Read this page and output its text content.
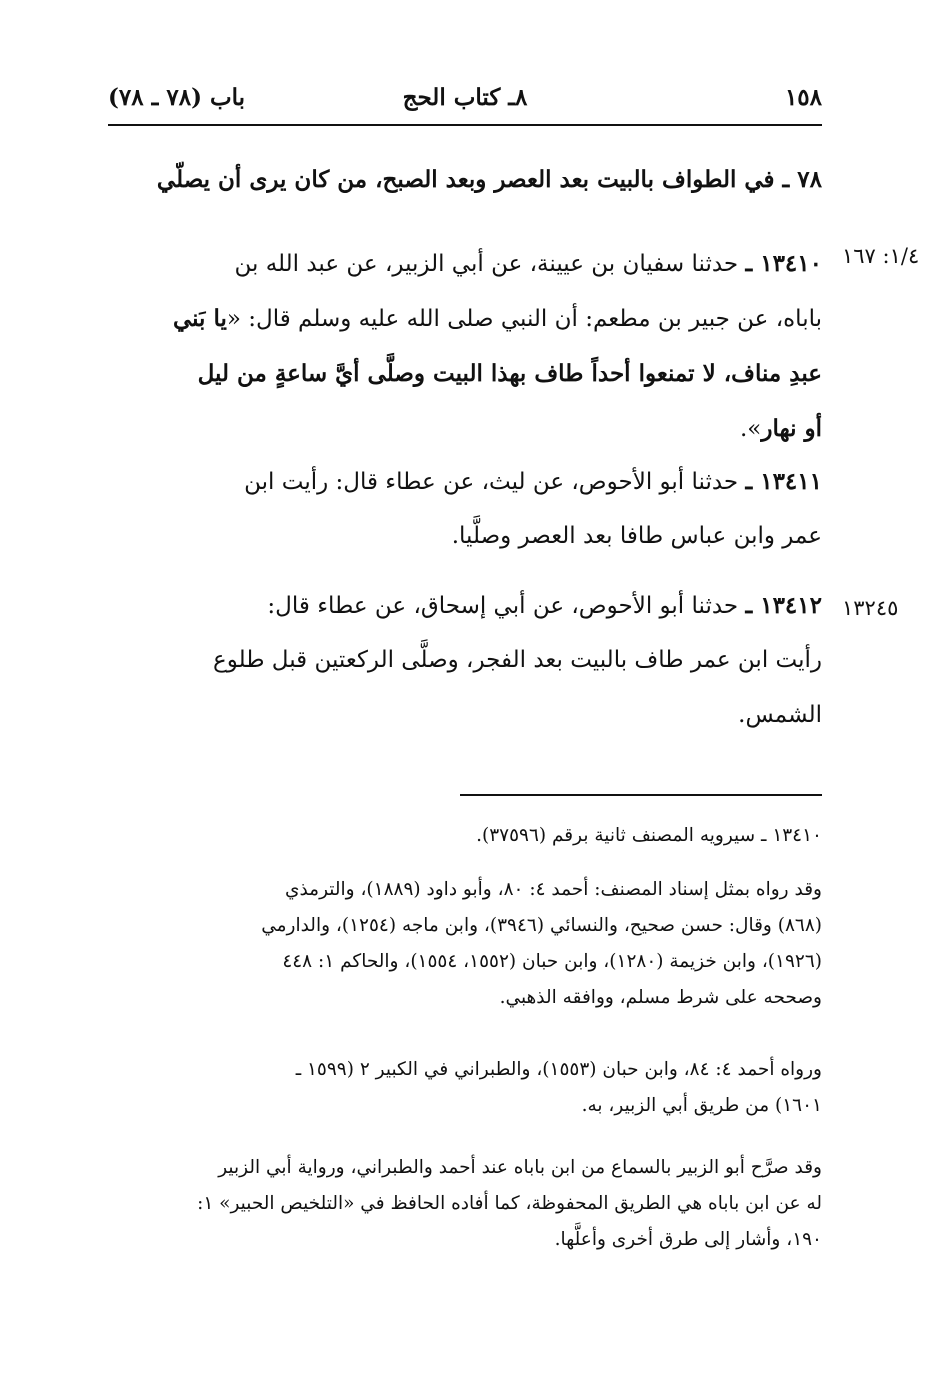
١٥٨
٨ـ كتاب الحج
باب (٧٨ ـ ٧٨)
٧٨ ـ في الطواف بالبيت بعد العصر وبعد الصبح، من كان يرى أن يصلّي
١/٤: ١٦٧
١٣٤١٠ ـ حدثنا سفيان بن عيينة، عن أبي الزبير، عن عبد الله بن
باباه، عن جبير بن مطعم: أن النبي صلى الله عليه وسلم قال: «يا بَني
عبدِ مناف، لا تمنعوا أحداً طاف بهذا البيت وصلَّى أيَّ ساعةٍ من ليل
أو نهار».
١٣٤١١ ـ حدثنا أبو الأحوص، عن ليث، عن عطاء قال: رأيت ابن
عمر وابن عباس طافا بعد العصر وصلَّيا.
١٣٢٤٥
١٣٤١٢ ـ حدثنا أبو الأحوص، عن أبي إسحاق، عن عطاء قال:
رأيت ابن عمر طاف بالبيت بعد الفجر، وصلَّى الركعتين قبل طلوع
الشمس.
١٣٤١٠ ـ سيرويه المصنف ثانية برقم (٣٧٥٩٦).
وقد رواه بمثل إسناد المصنف: أحمد ٤: ٨٠، وأبو داود (١٨٨٩)، والترمذي
(٨٦٨) وقال: حسن صحيح، والنسائي (٣٩٤٦)، وابن ماجه (١٢٥٤)، والدارمي
(١٩٢٦)، وابن خزيمة (١٢٨٠)، وابن حبان (١٥٥٢، ١٥٥٤)، والحاكم ١: ٤٤٨
وصححه على شرط مسلم، ووافقه الذهبي.
ورواه أحمد ٤: ٨٤، وابن حبان (١٥٥٣)، والطبراني في الكبير ٢ (١٥٩٩ ـ
١٦٠١) من طريق أبي الزبير، به.
وقد صرَّح أبو الزبير بالسماع من ابن باباه عند أحمد والطبراني، ورواية أبي الزبير
له عن ابن باباه هي الطريق المحفوظة، كما أفاده الحافظ في «التلخيص الحبير» ١:
١٩٠، وأشار إلى طرق أخرى وأعلَّها.
